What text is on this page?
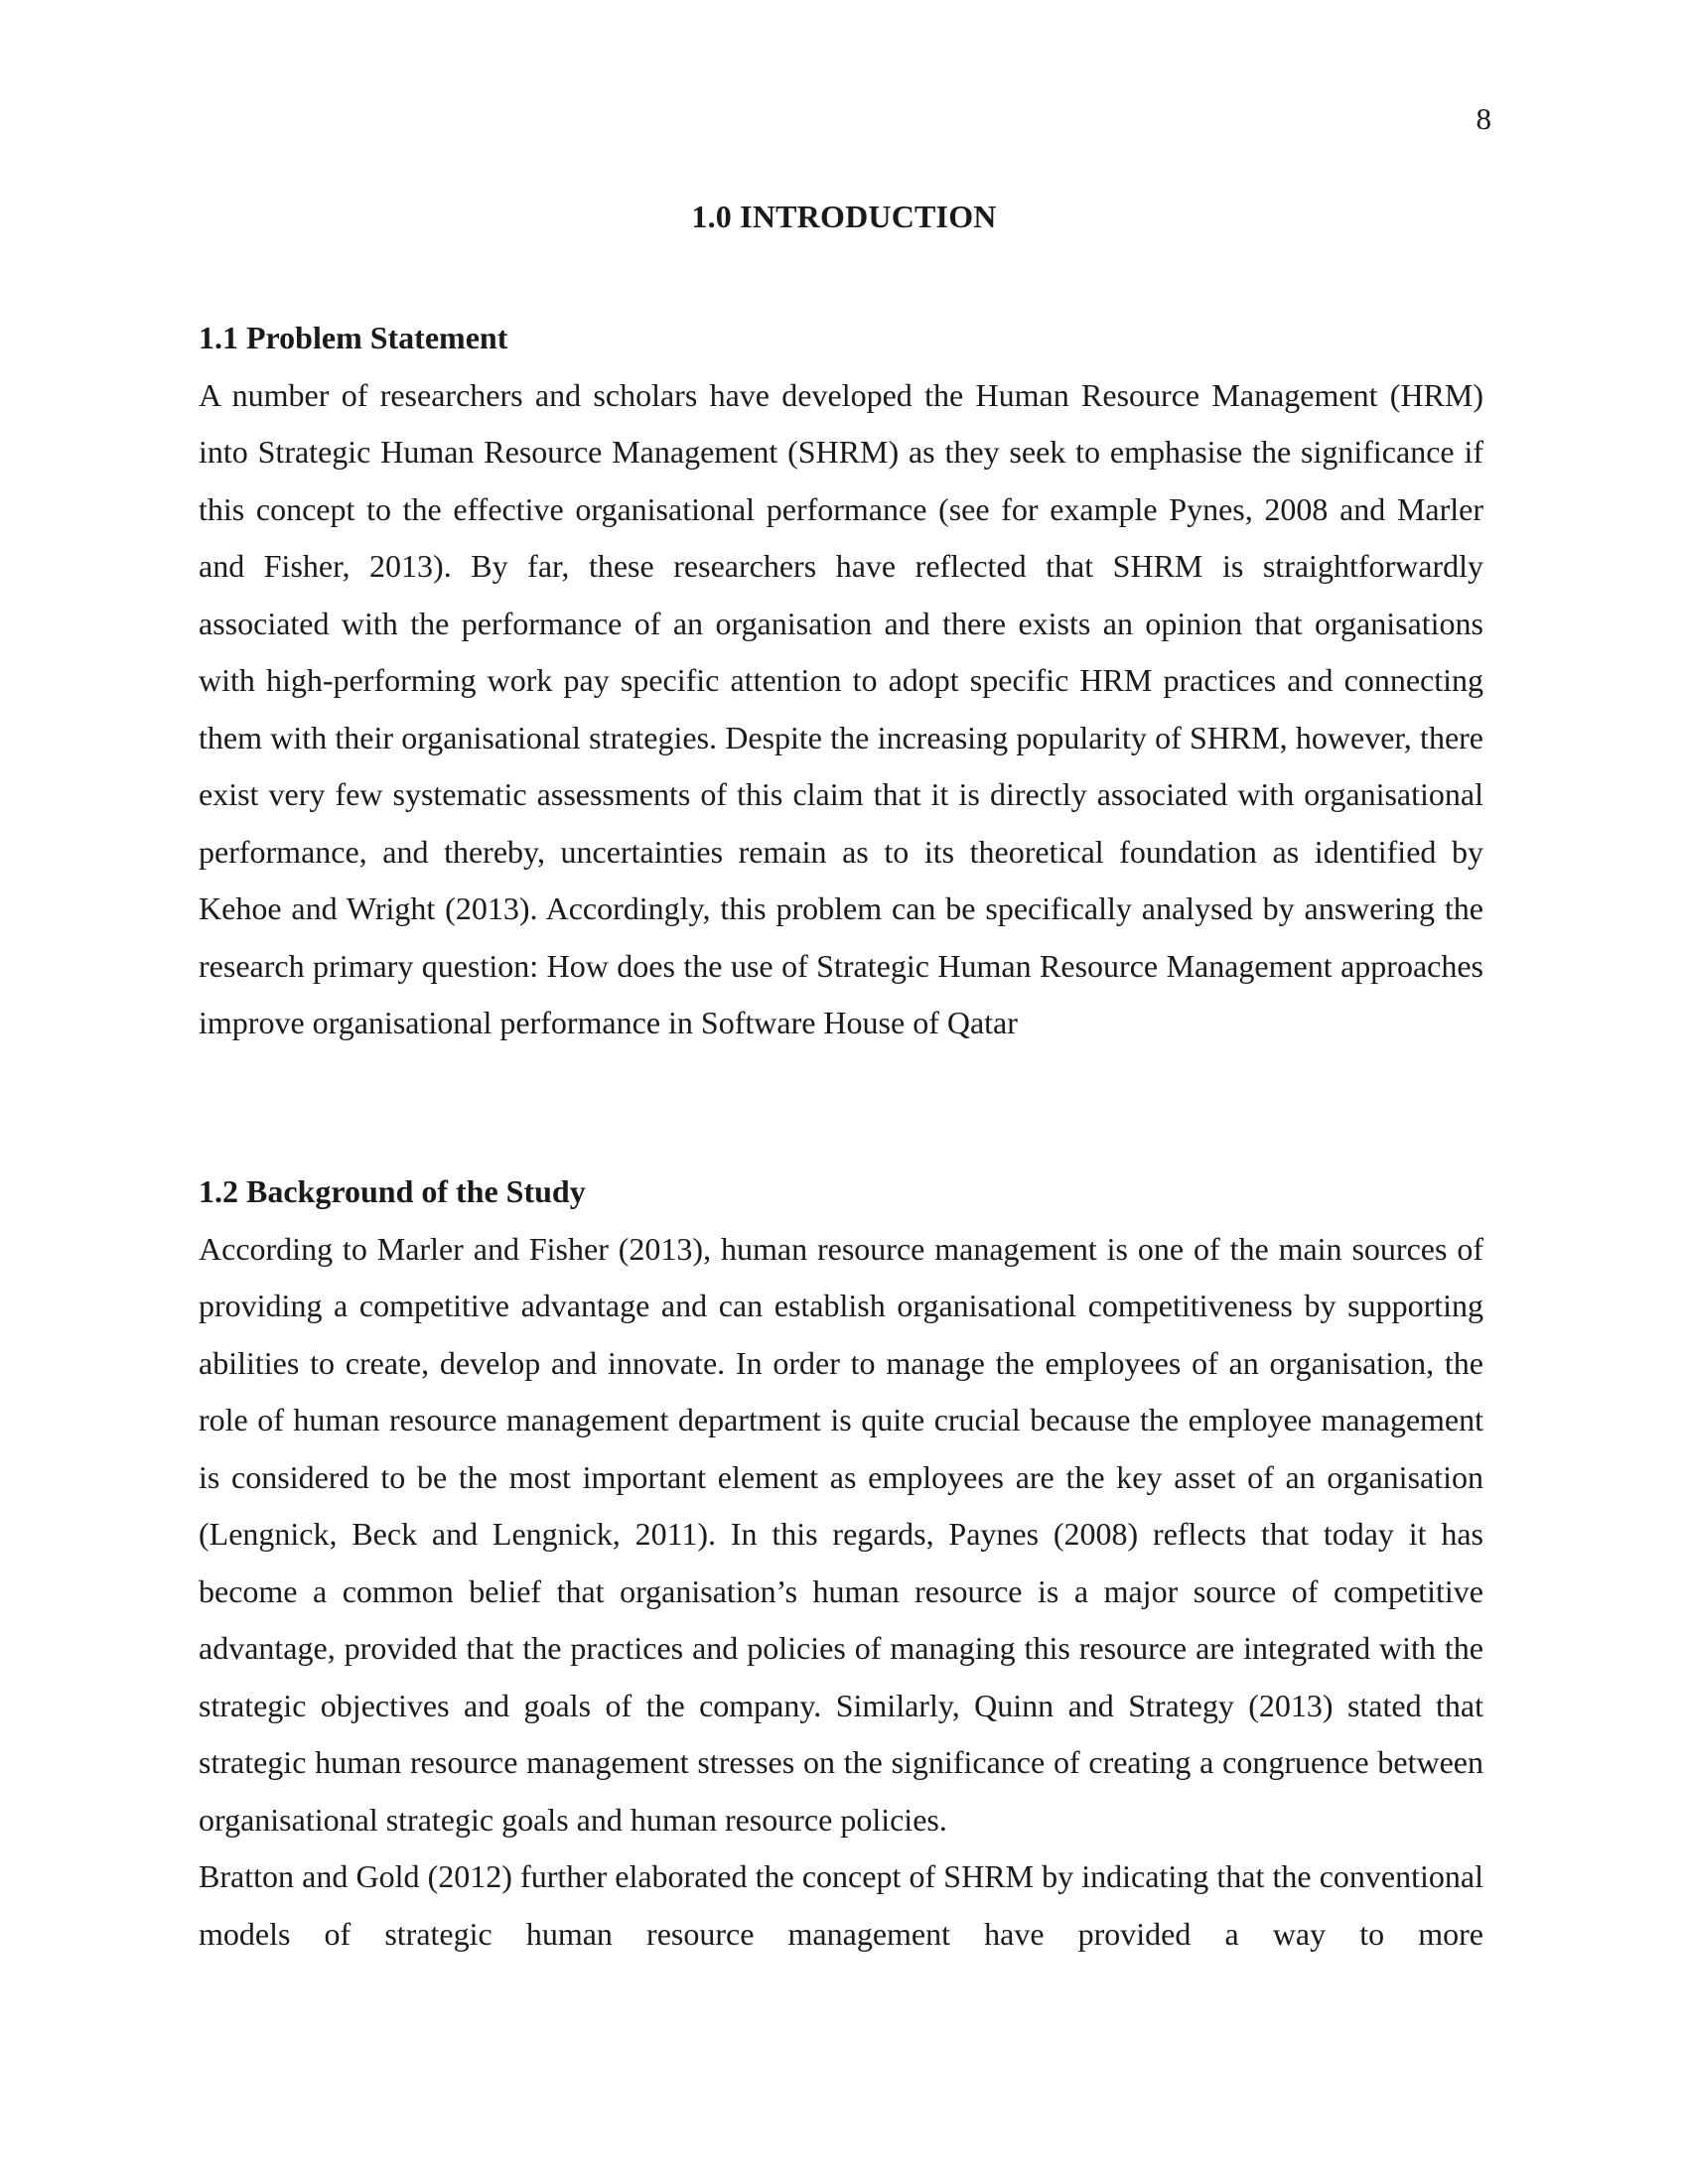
8
1.0 INTRODUCTION

1.1 Problem Statement

A number of researchers and scholars have developed the Human Resource Management (HRM) into Strategic Human Resource Management (SHRM) as they seek to emphasise the significance if this concept to the effective organisational performance (see for example Pynes, 2008 and Marler and Fisher, 2013). By far, these researchers have reflected that SHRM is straightforwardly associated with the performance of an organisation and there exists an opinion that organisations with high-performing work pay specific attention to adopt specific HRM practices and connecting them with their organisational strategies. Despite the increasing popularity of SHRM, however, there exist very few systematic assessments of this claim that it is directly associated with organisational performance, and thereby, uncertainties remain as to its theoretical foundation as identified by Kehoe and Wright (2013). Accordingly, this problem can be specifically analysed by answering the research primary question: How does the use of Strategic Human Resource Management approaches improve organisational performance in Software House of Qatar

1.2 Background of the Study

According to Marler and Fisher (2013), human resource management is one of the main sources of providing a competitive advantage and can establish organisational competitiveness by supporting abilities to create, develop and innovate. In order to manage the employees of an organisation, the role of human resource management department is quite crucial because the employee management is considered to be the most important element as employees are the key asset of an organisation (Lengnick, Beck and Lengnick, 2011). In this regards, Paynes (2008) reflects that today it has become a common belief that organisation’s human resource is a major source of competitive advantage, provided that the practices and policies of managing this resource are integrated with the strategic objectives and goals of the company. Similarly, Quinn and Strategy (2013) stated that strategic human resource management stresses on the significance of creating a congruence between organisational strategic goals and human resource policies.

Bratton and Gold (2012) further elaborated the concept of SHRM by indicating that the conventional models of strategic human resource management have provided a way to more
